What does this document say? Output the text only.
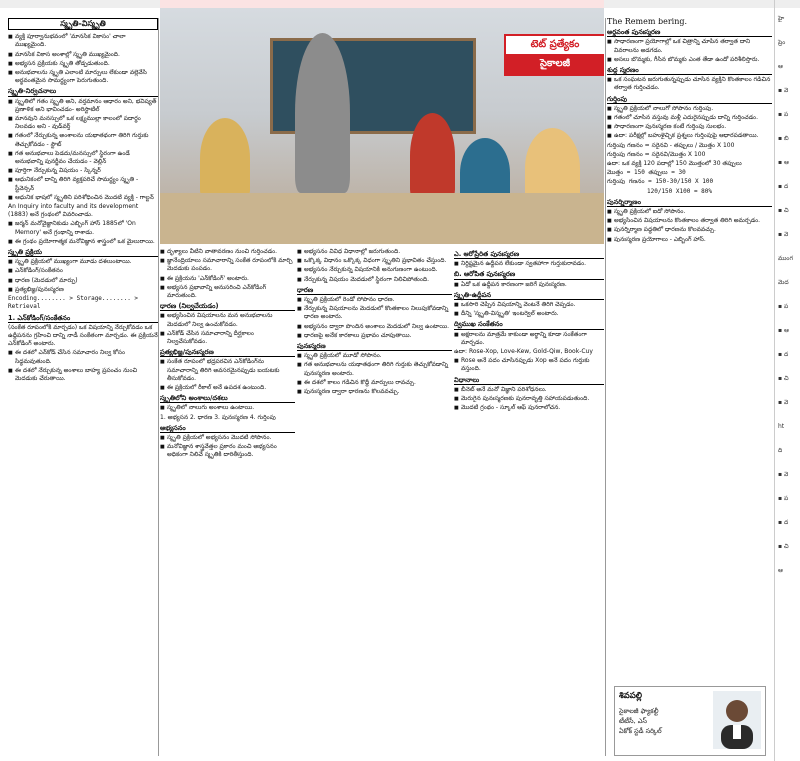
టెట్ ప్రత్యేకం
సైకాలజీ
స్మృతి-విస్మృతి
■ వ్యక్తి పూర్వానుభవంలో 'మానసిక వికాసం' చాలా ముఖ్యమైంది.
■ మానసిక వికాస అంశాల్లో స్మృతి ముఖ్యమైంది.
■ అభ్యసన ప్రక్రియకు స్మృతి తోడ్పడుతుంది.
■ అనుభవాలను స్మృతి ఎలాంటి మార్పులు లేకుండా వల్లెవేసి అర్థవంతమైన సామర్థ్యంగా పెరుగుతుంది.
స్మృతి-నిర్వచనాలు
■ స్మృతిలో గతం స్మృతి అని, వర్తమానం ఆధారం అని, భవిష్యత్ ప్రణాళిక అని భావించడం- అరిస్టాటిల్
■ మానవుని మనస్సులో ఒక లక్ష్యముల్లా కాలంలో పదార్థం నిలవడం అని - వుడ్‌వర్త్
■ గతంలో నేర్చుకున్న అంశాలను యథాతథంగా తిరిగి గుర్తుకు తెచ్చుకోవడం - స్టౌట్
■ గత అనుభవాలు పెడదు/మనస్సులో స్థిరంగా ఉండే అనుభవాన్ని పునర్జీవం చేయడం - వెల్లిన్
■ పూర్తిగా నేర్చుకున్న విషయం - స్కిన్నర్
■ ఆధునికంలో దాన్ని తిరిగి వ్యక్తపరిచే సామర్థ్యం స్మృతి - స్టీవెన్సన్
■ ఆధునిక భాషలో స్మృతిని పరిశోధించిన మొదటి వ్యక్తి - గాల్టన్
An Inquiry into faculty and its development (1883) అనే గ్రంథంలో వివరించాడు.
■ జర్మన్ మనోవైజ్ఞానికుడు ఎబ్బింగ్ హాస్ 1885లో 'On Memory' అనే గ్రంథాన్ని రాశాడు.
■ ఈ గ్రంథం ప్రయోగాత్మక మనోవిజ్ఞాన శాస్త్రంలో ఒక మైలురాయి.
స్మృతి ప్రక్రియ
■ స్మృతి ప్రక్రియలో ముఖ్యంగా మూడు దశలుంటాయి.
■ ఎన్‌కోడింగ్/సంకేతనం
■ ధారణ (మెదడులో మార్పు)
■ ప్రత్యభిజ్ఞ/పునఃస్మరణ
Encoding........ > Storage........ > Retrieval
1. ఎన్‌కోడింగ్/సంకేతనం
(సంకేత రూపంలోకి మార్చడం) ఒక విషయాన్ని నేర్చుకోవడం ఒక ఉద్దీపనను గ్రహించి దాన్ని నాడీ సంకేతంగా మార్చడం. ఈ ప్రక్రియనే ఎన్‌కోడింగ్ అంటారు.
■ ఈ దశలో ఎన్‌కోడ్ చేసిన సమాచారం నిల్వ కోసం సిద్ధమవుతుంది.
■ ఈ దశలో నేర్చుకున్న అంశాలు బాహ్య ప్రపంచం నుంచి మెదడుకు చేరుతాయి.
■ దృశ్యాలు వీటిని వాతావరణం నుంచి గుర్తించడం.
■ జ్ఞానేంద్రియాలు సమాచారాన్ని సంకేత రూపంలోకి మార్చి మెదడుకు పంపడం.
■ ఈ ప్రక్రియను 'ఎన్‌కోడింగ్' అంటారు.
■ అభ్యసన ప్రభావాన్ని అనుసరించి ఎన్‌కోడింగ్ మారుతుంది.
ధారణ (నిల్వచేయడం)
■ అభ్యసించిన విషయాలను మన అనుభవాలను మెదడులో నిల్వ ఉంచుకోవడం.
■ ఎన్‌కోడ్ చేసిన సమాచారాన్ని దీర్ఘకాలం నిల్వచేసుకోవడం.
ప్రత్యభిజ్ఞ/పునఃస్మరణ
■ సంకేత రూపంలో భద్రపరచిన ఎన్‌కోడింగ్‌ను సమాచారాన్ని తిరిగి అవసరమైనప్పుడు బయటకు తీసుకోవడం.
■ ఈ ప్రక్రియలో రీకాల్ అనే ఉపదశ ఉంటుంది.
స్మృతిలోని అంశాలు/దశలు
■ స్మృతిలో నాలుగు అంశాలు ఉంటాయి.
1. అభ్యసన 2. ధారణ 3. పునఃస్మరణ 4. గుర్తింపు
అభ్యసనం
■ స్మృతి ప్రక్రియలో అభ్యసనం మొదటి సోపానం.
■ మనోవిజ్ఞాన శాస్త్రవేత్తల ప్రకారం మంచి అభ్యసనం అధికంగా నిలిచే స్మృతికి దారితీస్తుంది.
■ అభ్యసనం వివిధ విధానాల్లో జరుగుతుంది.
■ ఒక్కొక్క విధానం ఒక్కొక్క విధంగా స్మృతిని ప్రభావితం చేస్తుంది.
■ అభ్యసనం నేర్చుకున్న విషయానికి అనుగుణంగా ఉంటుంది.
■ నేర్చుకున్న విషయం మెదడులో స్థిరంగా నిలిచిపోతుంది.
ధారణ
■ స్మృతి ప్రక్రియలో రెండో సోపానం ధారణ.
■ నేర్చుకున్న విషయాలను మెదడులో కొంతకాలం నిలుపుకోవడాన్ని ధారణ అంటారు.
■ అభ్యసనం ద్వారా పొందిన అంశాలు మెదడులో నిల్వ ఉంటాయి.
■ ధారణపై అనేక కారకాలు ప్రభావం చూపుతాయి.
పునఃస్మరణ
■ స్మృతి ప్రక్రియలో మూడో సోపానం.
■ గత అనుభవాలను యథాతథంగా తిరిగి గుర్తుకు తెచ్చుకోవడాన్ని పునఃస్మరణ అంటారు.
■ ఈ దశలో కాలం గడిచిన కొద్దీ మార్పులు రావచ్చు.
■ పునఃస్మరణ ద్వారా ధారణను కొలవవచ్చు.
ఎ. ఆరోప్రేరిత పునఃస్మరణ
■ నిర్దిష్టమైన ఉద్దీపన లేకుండా స్వతహాగా గుర్తుకురావడం.
బి. ఆరోపిత పునఃస్మరణ
■ ఏదో ఒక ఉద్దీపన కారణంగా జరిగే పునఃస్మరణ.
స్మృతి-ఉద్దీపన
■ ఒకసారి చెప్పిన విషయాన్ని వెంటనే తిరిగి చెప్పడం.
■ దీన్ని 'స్మృతి-విస్మృతి' ఇంటర్వెల్ అంటారు.
ద్విముఖ సంకేతనం
■ అక్షరాలను మాత్రమే కాకుండా అర్థాన్ని కూడా సంకేతంగా మార్చడం.
ఉదా: Rose-Xop, Love-Kew, Gold-Qiw, Book-Cuy
■ Rose అనే పదం చూసినప్పుడు Xop అనే పదం గుర్తుకు వస్తుంది.
విధానాలు
■ బీనెట్ అనే మనో విజ్ఞాని పరిశోధనలు.
■ మెరుగైన పునఃస్మరణకు పునరావృత్తి సహాయపడుతుంది.
■ మొదటి గ్రంథం - స్కూల్ ఆఫ్ పునరాలోచన.
The Remem bering.
అర్థవంత పునఃస్మరణ
■ సాధారణంగా ప్రయోగాల్లో ఒక చిత్రాన్ని చూపిన తర్వాత దాని వివరాలను అడగడం.
■ అసలు బొమ్మకు, గీసిన బొమ్మకు ఎంత తేడా ఉందో పరిశీలిస్తారు.
శుద్ధ స్మరణం
■ ఒక సంఘటన జరుగుతున్నప్పుడు చూసిన వ్యక్తిని కొంతకాలం గడిచిన తర్వాత గుర్తించడం.
గుర్తింపు
■ స్మృతి ప్రక్రియలో నాలుగో సోపానం గుర్తింపు.
■ గతంలో చూసిన వస్తువు మళ్లీ ఎదురైనప్పుడు దాన్ని గుర్తించడం.
■ సాధారణంగా పునఃస్మరణ కంటే గుర్తింపు సులభం.
■ ఉదా: పరీక్షల్లో బహుళైచ్ఛిక ప్రశ్నలు గుర్తింపుపై ఆధారపడతాయి.
గుర్తింపు గణనం = సరైనవి - తప్పులు / మొత్తం X 100
గుర్తింపు గణనం = సరైనవి/మొత్తం X 100
ఉదా: ఒక వ్యక్తి 120 పదాల్లో 150 మొత్తంలో 30 తప్పులు
మొత్తం = 150 తప్పులు = 30
గుర్తింపు గణనం = 150-30/150 X 100
120/150 X100 = 80%
పునర్నిర్మాణం
■ స్మృతి ప్రక్రియలో ఐదో సోపానం.
■ అభ్యసించిన విషయాలను కొంతకాలం తర్వాత తిరిగి అమర్చడం.
■ పునర్నిర్మాణ పద్ధతిలో ధారణను కొలవవచ్చు.
■ పునఃస్మరణ ప్రయోగాలు - ఎబ్బింగ్ హాస్.
శివపల్లి
సైకాలజీ ఫ్యాకల్టీ
టీటీసీ, ఎస్
ఏకోక్ స్టడీ సర్కిల్
హై
ప్రెం
ఆ
▪ వె
▪ ప
▪ బి
▪ ఆ
▪ ద
▪ చి
▪ వె
ముంగ
మెద
▪ ప
▪ ఆ
▪ ద
▪ చి
▪ వె
ht
ది
▪ వె
▪ ప
▪ ద
▪ చి
ఆ
